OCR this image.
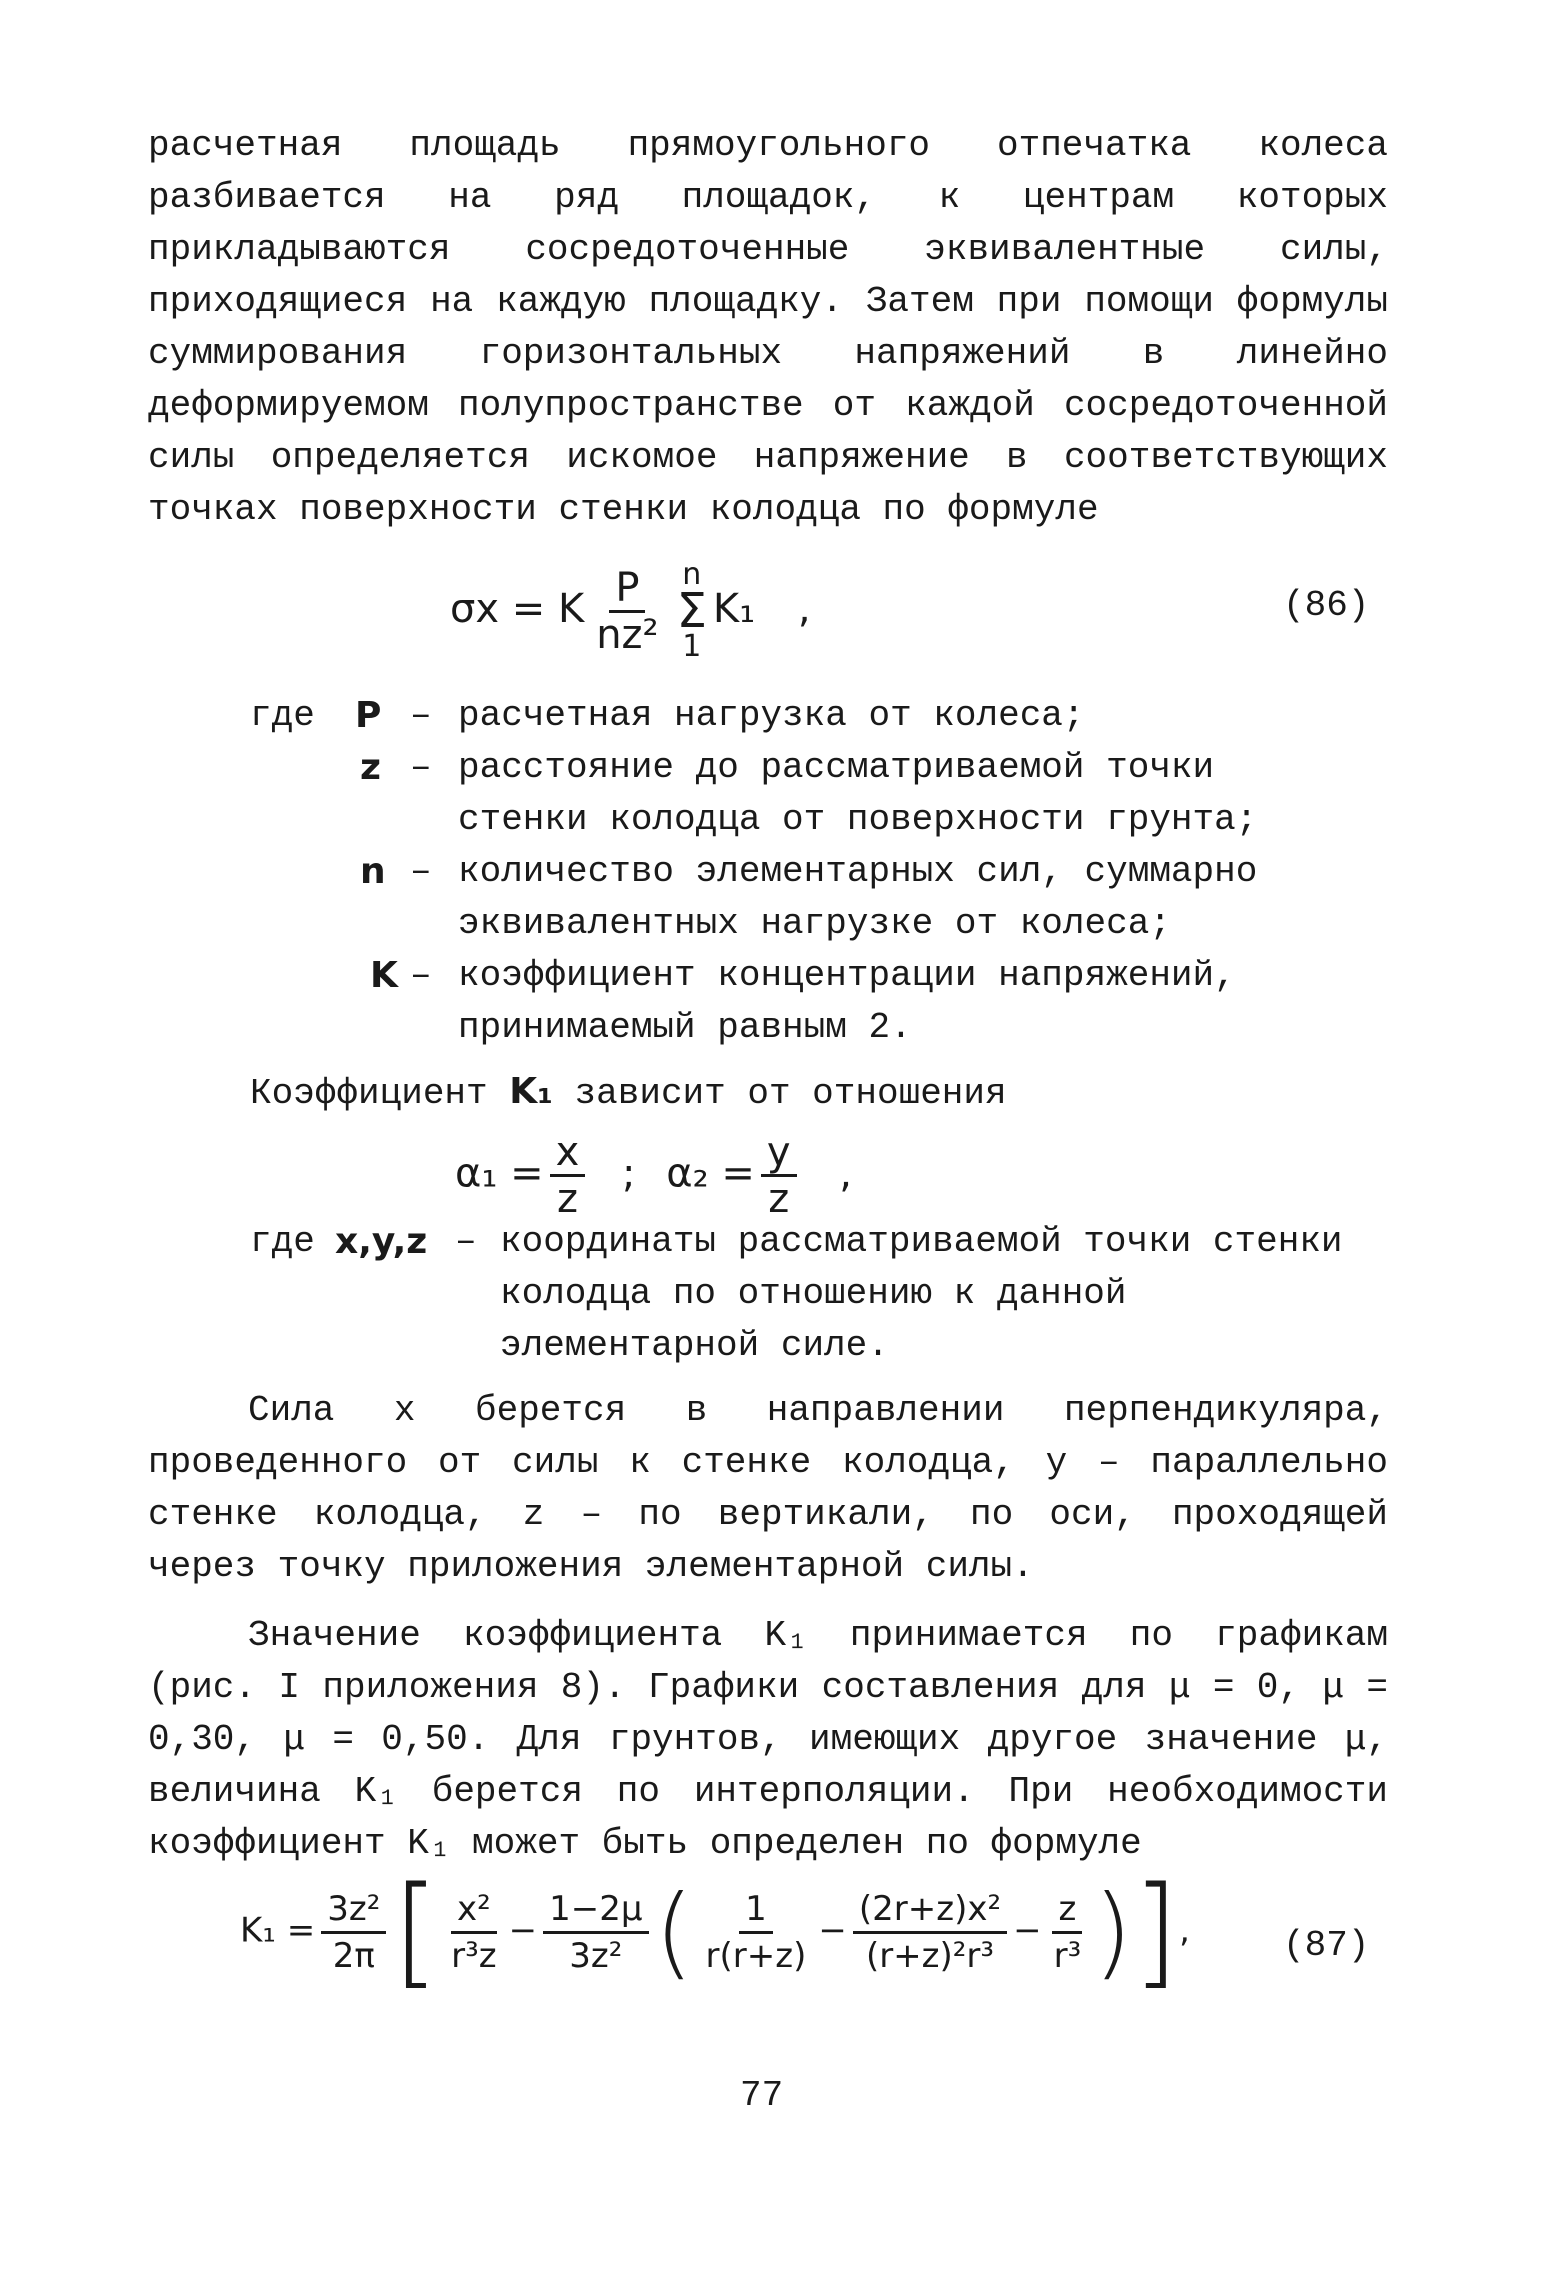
расчетная площадь прямоугольного отпечатка колеса разбивается на ряд площадок, к центрам которых прикладываются сосредоточенные эквивалентные силы, приходящиеся на каждую площадку. Затем при помощи формулы суммирования горизонтальных напряжений в линейно деформируемом полупространстве от каждой сосредоточенной силы определяется искомое напряжение в соответствующих точках поверхности стенки колодца по формуле

σx = K $\frac{P}{\text{nz²}}$ n
Σ
1
K₁ ,	(86)
где P – расчетная нагрузка от колеса;
z – расстояние до рассматриваемой точки стенки колодца от поверхности грунта;
n – количество элементарных сил, суммарно эквивалентных нагрузке от колеса;
K – коэффициент концентрации напряжений, принимаемый равным 2.
Коэффициент K₁ зависит от отношения
$\alpha_1 = \frac{x}{z}$ ; $\alpha_2 = \frac{y}{z}$ ,
где x,y,z – координаты рассматриваемой точки стенки колодца по отношению к данной элементарной силе.

Сила x берется в направлении перпендикуляра, проведенного от силы к стенке колодца, y – параллельно стенке колодца, z – по вертикали, по оси, проходящей через точку приложения элементарной силы.

Значение коэффициента K₁ принимается по графикам (рис. I приложения 8). Графики составления для μ = 0, μ = 0,30, μ = 0,50. Для грунтов, имеющих другое значение μ, величина K₁ берется по интерполяции. При необходимости коэффициент K₁ может быть определен по формуле

$K_1 = \frac{\text{3z²}}{2\pi}$ [ $\frac{\text{x²}}{\text{r³z}} - \frac{1-2\mu}{\text{3z²}}$ ( $\frac{1}{r(r+z)} - \frac{\text{(2r+z)x²}}{\text{(r+z)²r³}} - \frac{z}{\text{r³}}$ )],	(87)
77
